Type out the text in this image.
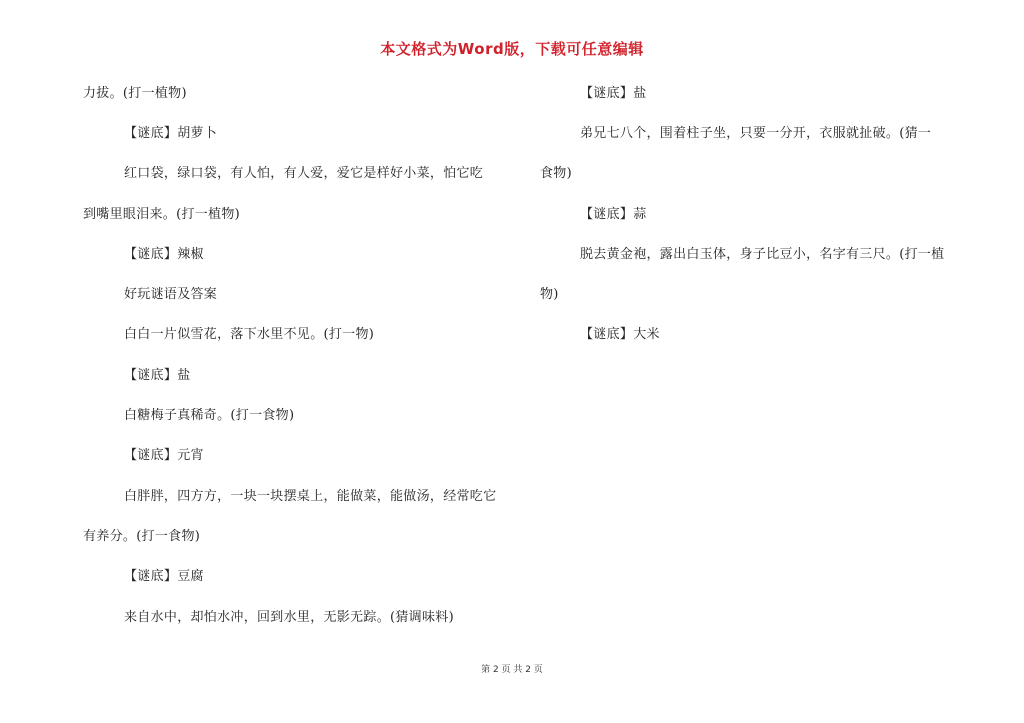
本文格式为Word版，下载可任意编辑
力拔。(打一植物)
【谜底】胡萝卜
红口袋，绿口袋，有人怕，有人爱，爱它是样好小菜，怕它吃
到嘴里眼泪来。(打一植物)
【谜底】辣椒
好玩谜语及答案
白白一片似雪花，落下水里不见。(打一物)
【谜底】盐
白糖梅子真稀奇。(打一食物)
【谜底】元宵
白胖胖，四方方，一块一块摆桌上，能做菜，能做汤，经常吃它
有养分。(打一食物)
【谜底】豆腐
来自水中，却怕水冲，回到水里，无影无踪。(猜调味料)
【谜底】盐
弟兄七八个，围着柱子坐，只要一分开，衣服就扯破。(猜一
食物)
【谜底】蒜
脱去黄金袍，露出白玉体，身子比豆小，名字有三尺。(打一植
物)
【谜底】大米
第 2 页 共 2 页
